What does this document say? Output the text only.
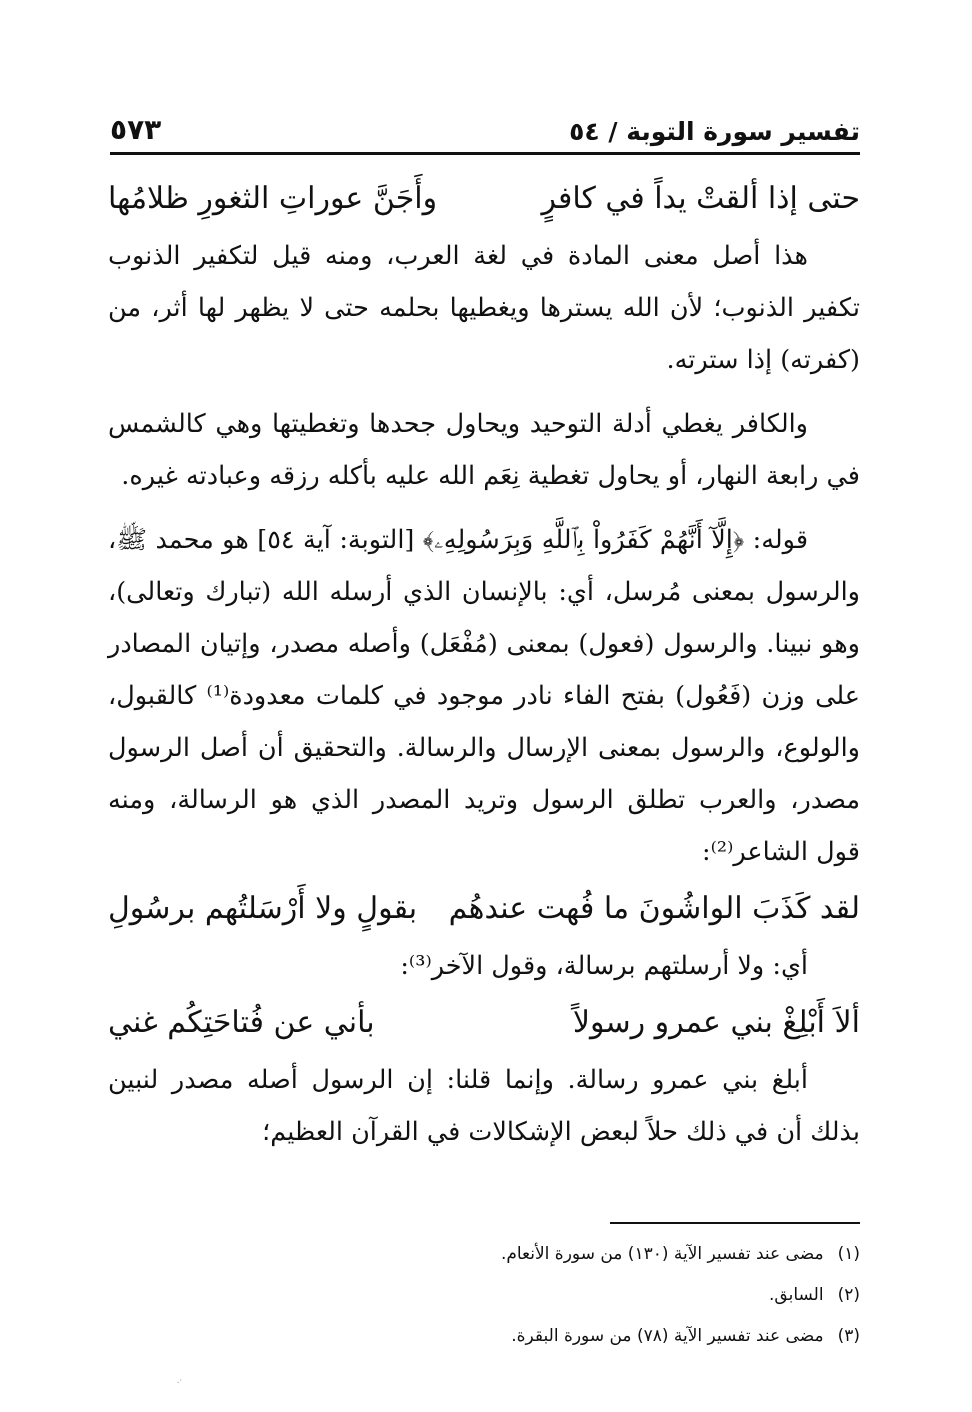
تفسير سورة التوبة / ٥٤
٥٧٣
حتى إذا ألقتْ يداً في كافرٍ
وأَجَنَّ عوراتِ الثغورِ ظلامُها

هذا أصل معنى المادة في لغة العرب، ومنه قيل لتكفير الذنوب تكفير الذنوب؛ لأن الله يسترها ويغطيها بحلمه حتى لا يظهر لها أثر، من (كفرته) إذا سترته.

والكافر يغطي أدلة التوحيد ويحاول جحدها وتغطيتها وهي كالشمس في رابعة النهار، أو يحاول تغطية نِعَم الله عليه بأكله رزقه وعبادته غيره.

قوله: ﴿إِلَّآ أَنَّهُمْ كَفَرُواْ بِٱللَّهِ وَبِرَسُولِهِۦ﴾ [التوبة: آية ٥٤] هو محمد ﷺ، والرسول بمعنى مُرسل، أي: بالإنسان الذي أرسله الله (تبارك وتعالى)، وهو نبينا. والرسول (فعول) بمعنى (مُفْعَل) وأصله مصدر، وإتيان المصادر على وزن (فَعُول) بفتح الفاء نادر موجود في كلمات معدودة⁽¹⁾ كالقبول، والولوع، والرسول بمعنى الإرسال والرسالة. والتحقيق أن أصل الرسول مصدر، والعرب تطلق الرسول وتريد المصدر الذي هو الرسالة، ومنه قول الشاعر⁽²⁾:

لقد كَذَبَ الواشُونَ ما فُهت عندهُم
بقولٍ ولا أَرْسَلتُهم برسُولِ

أي: ولا أرسلتهم برسالة، وقول الآخر⁽³⁾:

ألاَ أَبْلِغْ بني عمرو رسولاً
بأني عن فُتاحَتِكُم غني

أبلغ بني عمرو رسالة. وإنما قلنا: إن الرسول أصله مصدر لنبين بذلك أن في ذلك حلاً لبعض الإشكالات في القرآن العظيم؛

(١)
مضى عند تفسير الآية (١٣٠) من سورة الأنعام.
(٢)
السابق.
(٣)
مضى عند تفسير الآية (٧٨) من سورة البقرة.
·.
